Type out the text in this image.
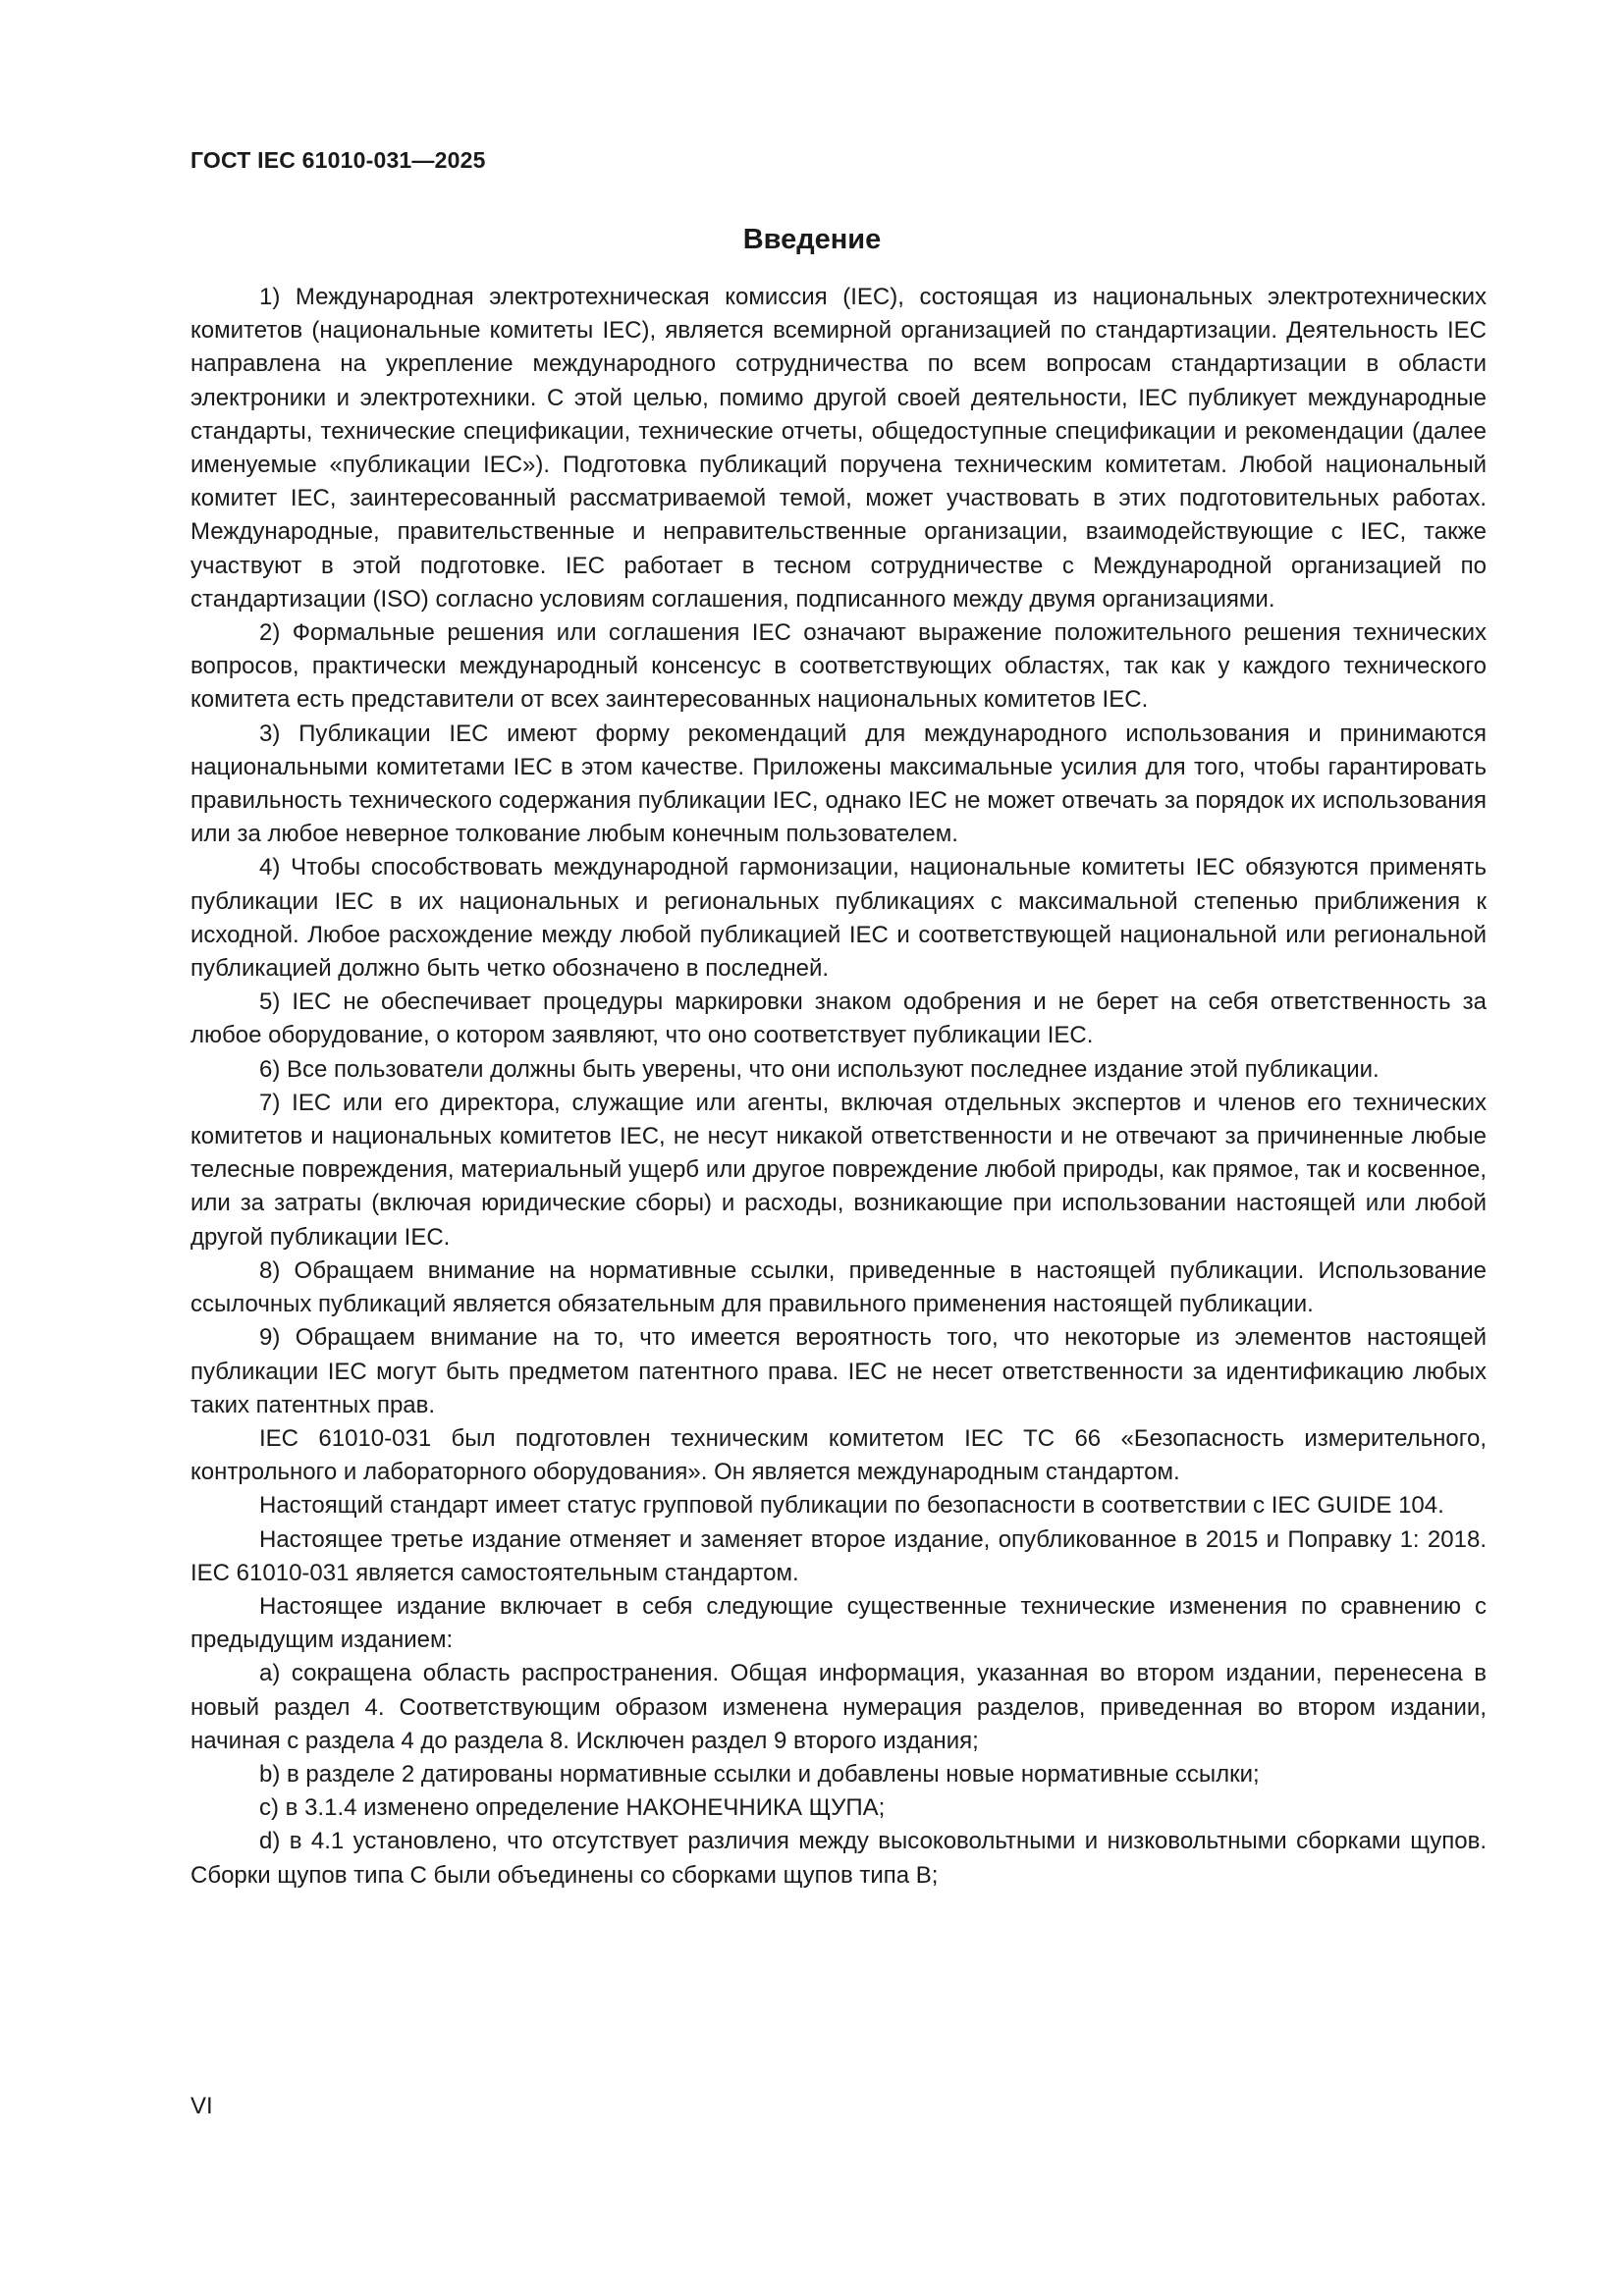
ГОСТ IEC 61010-031—2025
Введение

1) Международная электротехническая комиссия (IEC), состоящая из национальных электротехнических комитетов (национальные комитеты IEC), является всемирной организацией по стандартизации. Деятельность IEC направлена на укрепление международного сотрудничества по всем вопросам стандартизации в области электроники и электротехники. С этой целью, помимо другой своей деятельности, IEC публикует международные стандарты, технические спецификации, технические отчеты, общедоступные спецификации и рекомендации (далее именуемые «публикации IEC»). Подготовка публикаций поручена техническим комитетам. Любой национальный комитет IEC, заинтересованный рассматриваемой темой, может участвовать в этих подготовительных работах. Международные, правительственные и неправительственные организации, взаимодействующие с IEC, также участвуют в этой подготовке. IEC работает в тесном сотрудничестве с Международной организацией по стандартизации (ISO) согласно условиям соглашения, подписанного между двумя организациями.

2) Формальные решения или соглашения IEC означают выражение положительного решения технических вопросов, практически международный консенсус в соответствующих областях, так как у каждого технического комитета есть представители от всех заинтересованных национальных комитетов IEC.

3) Публикации IEC имеют форму рекомендаций для международного использования и принимаются национальными комитетами IEC в этом качестве. Приложены максимальные усилия для того, чтобы гарантировать правильность технического содержания публикации IEC, однако IEC не может отвечать за порядок их использования или за любое неверное толкование любым конечным пользователем.

4) Чтобы способствовать международной гармонизации, национальные комитеты IEC обязуются применять публикации IEC в их национальных и региональных публикациях с максимальной степенью приближения к исходной. Любое расхождение между любой публикацией IEC и соответствующей национальной или региональной публикацией должно быть четко обозначено в последней.

5) IEC не обеспечивает процедуры маркировки знаком одобрения и не берет на себя ответственность за любое оборудование, о котором заявляют, что оно соответствует публикации IEC.

6) Все пользователи должны быть уверены, что они используют последнее издание этой публикации.

7) IEC или его директора, служащие или агенты, включая отдельных экспертов и членов его технических комитетов и национальных комитетов IEC, не несут никакой ответственности и не отвечают за причиненные любые телесные повреждения, материальный ущерб или другое повреждение любой природы, как прямое, так и косвенное, или за затраты (включая юридические сборы) и расходы, возникающие при использовании настоящей или любой другой публикации IEC.

8) Обращаем внимание на нормативные ссылки, приведенные в настоящей публикации. Использование ссылочных публикаций является обязательным для правильного применения настоящей публикации.

9) Обращаем внимание на то, что имеется вероятность того, что некоторые из элементов настоящей публикации IEC могут быть предметом патентного права. IEC не несет ответственности за идентификацию любых таких патентных прав.

IEC 61010-031 был подготовлен техническим комитетом IEC TC 66 «Безопасность измерительного, контрольного и лабораторного оборудования». Он является международным стандартом.

Настоящий стандарт имеет статус групповой публикации по безопасности в соответствии с IEC GUIDE 104.

Настоящее третье издание отменяет и заменяет второе издание, опубликованное в 2015 и Поправку 1: 2018. IEC 61010-031 является самостоятельным стандартом.

Настоящее издание включает в себя следующие существенные технические изменения по сравнению с предыдущим изданием:

a) сокращена область распространения. Общая информация, указанная во втором издании, перенесена в новый раздел 4. Соответствующим образом изменена нумерация разделов, приведенная во втором издании, начиная с раздела 4 до раздела 8. Исключен раздел 9 второго издания;

b) в разделе 2 датированы нормативные ссылки и добавлены новые нормативные ссылки;

c) в 3.1.4 изменено определение НАКОНЕЧНИКА ЩУПА;

d) в 4.1 установлено, что отсутствует различия между высоковольтными и низковольтными сборками щупов. Сборки щупов типа С были объединены со сборками щупов типа В;

VI
